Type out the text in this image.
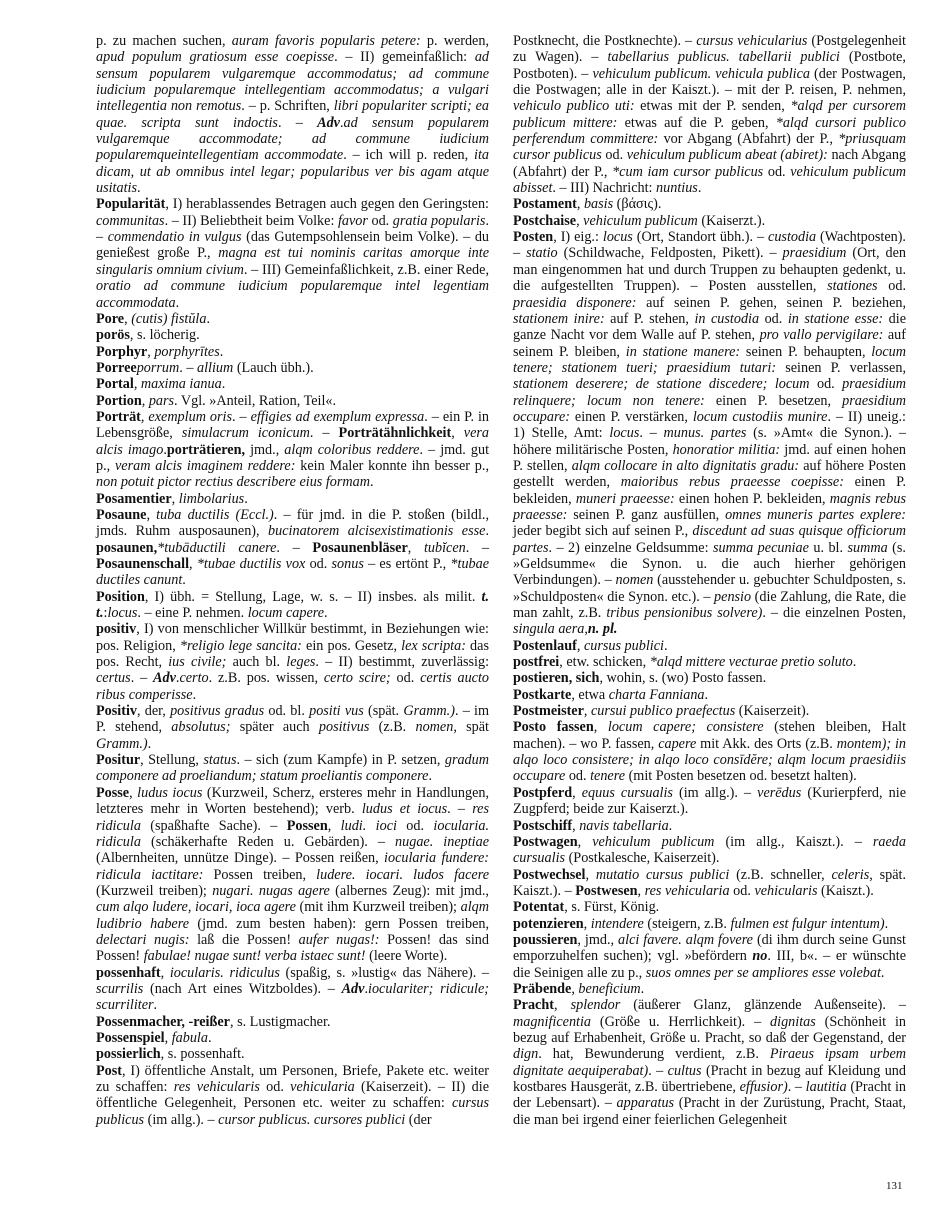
p. zu machen suchen, auram favoris popularis petere: p. werden, apud populum gratiosum esse coepisse. – II) gemeinfaßlich: ad sensum popularem vulgaremque accommodatus; ad commune iudicium popularemque intellegentiam accommodatus; a vulgari intellegentia non remotus. – p. Schriften, libri populariter scripti; ea quae. scripta sunt indoctis. – Adv.ad sensum popularem vulgaremque accommodate; ad commune iudicium popularemqueintellegentiam accommodate. – ich will p. reden, ita dicam, ut ab omnibus intel legar; popularibus ver bis agam atque usitatis.

Popularität, I) herablassendes Betragen auch gegen den Geringsten: communitas. – II) Beliebtheit beim Volke: favor od. gratia popularis. – commendatio in vulgus (das Gutempsohlensein beim Volke). – du genießest große P., magna est tui nominis caritas amorque inte singularis omnium civium. – III) Gemeinfaßlichkeit, z.B. einer Rede, oratio ad commune iudicium popularemque intel legentiam accommodata.

Pore, (cutis) fistŭla.

porös, s. löcherig.

Porphyr, porphyrītes.

Porreeporrum. – allium (Lauch übh.).

Portal, maxima ianua.

Portion, pars. Vgl. »Anteil, Ration, Teil«.

Porträt, exemplum oris. – effigies ad exemplum expressa. – ein P. in Lebensgröße, simulacrum iconicum. – Porträtähnlichkeit, vera alcis imago.porträtieren, jmd., alqm coloribus reddere. – jmd. gut p., veram alcis imaginem reddere: kein Maler konnte ihn besser p., non potuit pictor rectius describere eius formam.

Posamentier, limbolarius.

Posaune, tuba ductilis (Eccl.). – für jmd. in die P. stoßen (bildl., jmds. Ruhm ausposaunen), bucinatorem alcisexistimationis esse. posaunen,*tubāductili canere. – Posaunenbläser, tubĭcen. – Posaunenschall, *tubae ductilis vox od. sonus – es ertönt P., *tubae ductiles canunt.

Position, I) übh. = Stellung, Lage, w. s. – II) insbes. als milit. t. t.:locus. – eine P. nehmen. locum capere.

positiv, I) von menschlicher Willkür bestimmt, in Beziehungen wie: pos. Religion, *religio lege sancita: ein pos. Gesetz, lex scripta: das pos. Recht, ius civile; auch bl. leges. – II) bestimmt, zuverlässig: certus. – Adv.certo. z.B. pos. wissen, certo scire; od. certis aucto ribus comperisse.

Positiv, der, positivus gradus od. bl. positi vus (spät. Gramm.). – im P. stehend, absolutus; später auch positivus (z.B. nomen, spät Gramm.).

Positur, Stellung, status. – sich (zum Kampfe) in P. setzen, gradum componere ad proeliandum; statum proeliantis componere.

Posse, ludus iocus (Kurzweil, Scherz, ersteres mehr in Handlungen, letzteres mehr in Worten bestehend); verb. ludus et iocus. – res ridicula (spaßhafte Sache). – Possen, ludi. ioci od. iocularia. ridicula (schäkerhafte Reden u. Gebärden). – nugae. ineptiae (Albernheiten, unnütze Dinge). – Possen reißen, iocularia fundere: ridicula iactitare: Possen treiben, ludere. iocari. ludos facere (Kurzweil treiben); nugari. nugas agere (albernes Zeug): mit jmd., cum alqo ludere, iocari, ioca agere (mit ihm Kurzweil treiben); alqm ludibrio habere (jmd. zum besten haben): gern Possen treiben, delectari nugis: laß die Possen! aufer nugas!: Possen! das sind Possen! fabulae! nugae sunt! verba istaec sunt! (leere Worte).

possenhaft, iocularis. ridiculus (spaßig, s. »lustig« das Nähere). – scurrilis (nach Art eines Witzboldes). – Adv.ioculariter; ridicule; scurriliter.

Possenmacher, -reißer, s. Lustigmacher.

Possenspiel, fabula.

possierlich, s. possenhaft.

Post, I) öffentliche Anstalt, um Personen, Briefe, Pakete etc. weiter zu schaffen: res vehicularis od. vehicularia (Kaiserzeit). – II) die öffentliche Gelegenheit, Personen etc. weiter zu schaffen: cursus publicus (im allg.). – cursor publicus. cursores publici (der

Postknecht, die Postknechte). – cursus vehicularius (Postgelegenheit zu Wagen). – tabellarius publicus. tabellarii publici (Postbote, Postboten). – vehiculum publicum. vehicula publica (der Postwagen, die Postwagen; alle in der Kaiszt.). – mit der P. reisen, P. nehmen, vehiculo publico uti: etwas mit der P. senden, *alqd per cursorem publicum mittere: etwas auf die P. geben, *alqd cursori publico perferendum committere: vor Abgang (Abfahrt) der P., *priusquam cursor publicus od. vehiculum publicum abeat (abiret): nach Abgang (Abfahrt) der P., *cum iam cursor publicus od. vehiculum publicum abisset. – III) Nachricht: nuntius.

Postament, basis (βάσις).

Postchaise, vehiculum publicum (Kaiserzt.).

Posten, I) eig.: locus (Ort, Standort übh.). – custodia (Wachtposten). – statio (Schildwache, Feldposten, Pikett). – praesidium (Ort, den man eingenommen hat und durch Truppen zu behaupten gedenkt, u. die aufgestellten Truppen). – Posten ausstellen, stationes od. praesidia disponere: auf seinen P. gehen, seinen P. beziehen, stationem inire: auf P. stehen, in custodia od. in statione esse: die ganze Nacht vor dem Walle auf P. stehen, pro vallo pervigilare: auf seinem P. bleiben, in statione manere: seinen P. behaupten, locum tenere; stationem tueri; praesidium tutari: seinen P. verlassen, stationem deserere; de statione discedere; locum od. praesidium relinquere; locum non tenere: einen P. besetzen, praesidium occupare: einen P. verstärken, locum custodiis munire. – II) uneig.: 1) Stelle, Amt: locus. – munus. partes (s. »Amt« die Synon.). – höhere militärische Posten, honoratior militia: jmd. auf einen hohen P. stellen, alqm collocare in alto dignitatis gradu: auf höhere Posten gestellt werden, maioribus rebus praeesse coepisse: einen P. bekleiden, muneri praeesse: einen hohen P. bekleiden, magnis rebus praeesse: seinen P. ganz ausfüllen, omnes muneris partes explere: jeder begibt sich auf seinen P., discedunt ad suas quisque officiorum partes. – 2) einzelne Geldsumme: summa pecuniae u. bl. summa (s. »Geldsumme« die Synon. u. die auch hierher gehörigen Verbindungen). – nomen (ausstehender u. gebuchter Schuldposten, s. »Schuldposten« die Synon. etc.). – pensio (die Zahlung, die Rate, die man zahlt, z.B. tribus pensionibus solvere). – die einzelnen Posten, singula aera,n. pl.

Postenlauf, cursus publici.

postfrei, etw. schicken, *alqd mittere vecturae pretio soluto.

postieren, sich, wohin, s. (wo) Posto fassen.

Postkarte, etwa charta Fanniana.

Postmeister, cursui publico praefectus (Kaiserzeit).

Posto fassen, locum capere; consistere (stehen bleiben, Halt machen). – wo P. fassen, capere mit Akk. des Orts (z.B. montem); in alqo loco consistere; in alqo loco consīdĕre; alqm locum praesidiis occupare od. tenere (mit Posten besetzen od. besetzt halten).

Postpferd, equus cursualis (im allg.). – verēdus (Kurierpferd, nie Zugpferd; beide zur Kaiserzt.).

Postschiff, navis tabellaria.

Postwagen, vehiculum publicum (im allg., Kaiszt.). – raeda cursualis (Postkalesche, Kaiserzeit).

Postwechsel, mutatio cursus publici (z.B. schneller, celeris, spät. Kaiszt.). – Postwesen, res vehicularia od. vehicularis (Kaiszt.).

Potentat, s. Fürst, König.

potenzieren, intendere (steigern, z.B. fulmen est fulgur intentum).

poussieren, jmd., alci favere. alqm fovere (di ihm durch seine Gunst emporzuhelfen suchen); vgl. »befördern no. III, b«. – er wünschte die Seinigen alle zu p., suos omnes per se ampliores esse volebat.

Präbende, beneficium.

Pracht, splendor (äußerer Glanz, glänzende Außenseite). – magnificentia (Größe u. Herrlichkeit). – dignitas (Schönheit in bezug auf Erhabenheit, Größe u. Pracht, so daß der Gegenstand, der dign. hat, Bewunderung verdient, z.B. Piraeus ipsam urbem dignitate aequiperabat). – cultus (Pracht in bezug auf Kleidung und kostbares Hausgerät, z.B. übertriebene, effusior). – lautitia (Pracht in der Lebensart). – apparatus (Pracht in der Zurüstung, Pracht, Staat, die man bei irgend einer feierlichen Gelegenheit

131
